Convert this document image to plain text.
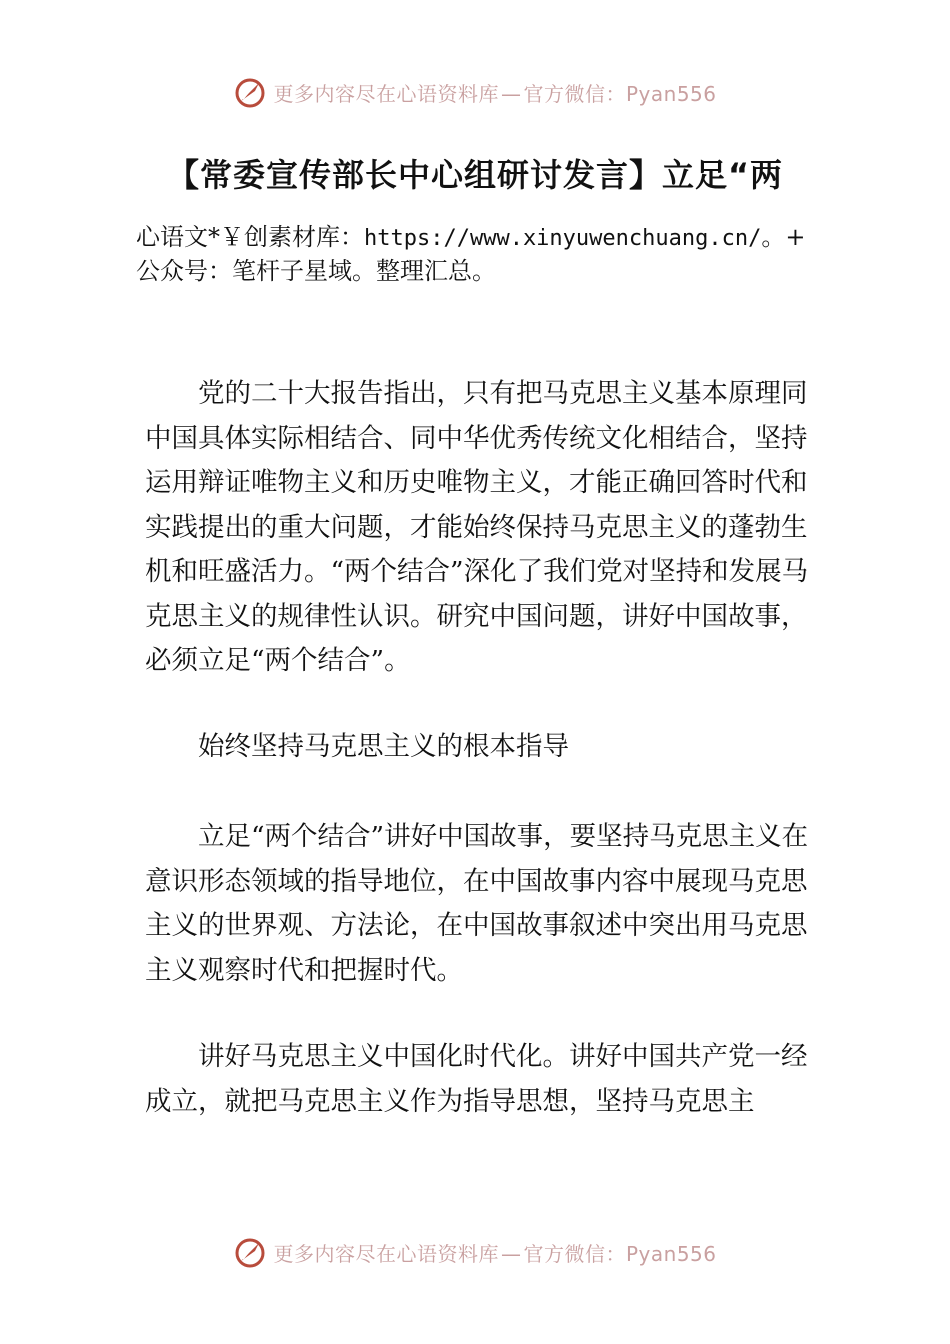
更多内容尽在心语资料库 — 官方微信：Pyan556
【常委宣传部长中心组研讨发言】立足“两
心语文*￥创素材库：https://www.xinyuwenchuang.cn/。+
公众号：笔杆子星域。整理汇总。

党的二十大报告指出，只有把马克思主义基本原理同中国具体实际相结合、同中华优秀传统文化相结合，坚持运用辩证唯物主义和历史唯物主义，才能正确回答时代和实践提出的重大问题，才能始终保持马克思主义的蓬勃生机和旺盛活力。“两个结合”深化了我们党对坚持和发展马克思主义的规律性认识。研究中国问题，讲好中国故事，必须立足“两个结合”。

始终坚持马克思主义的根本指导

立足“两个结合”讲好中国故事，要坚持马克思主义在意识形态领域的指导地位，在中国故事内容中展现马克思主义的世界观、方法论，在中国故事叙述中突出用马克思主义观察时代和把握时代。

讲好马克思主义中国化时代化。讲好中国共产党一经成立，就把马克思主义作为指导思想，坚持马克思主

更多内容尽在心语资料库 — 官方微信：Pyan556
